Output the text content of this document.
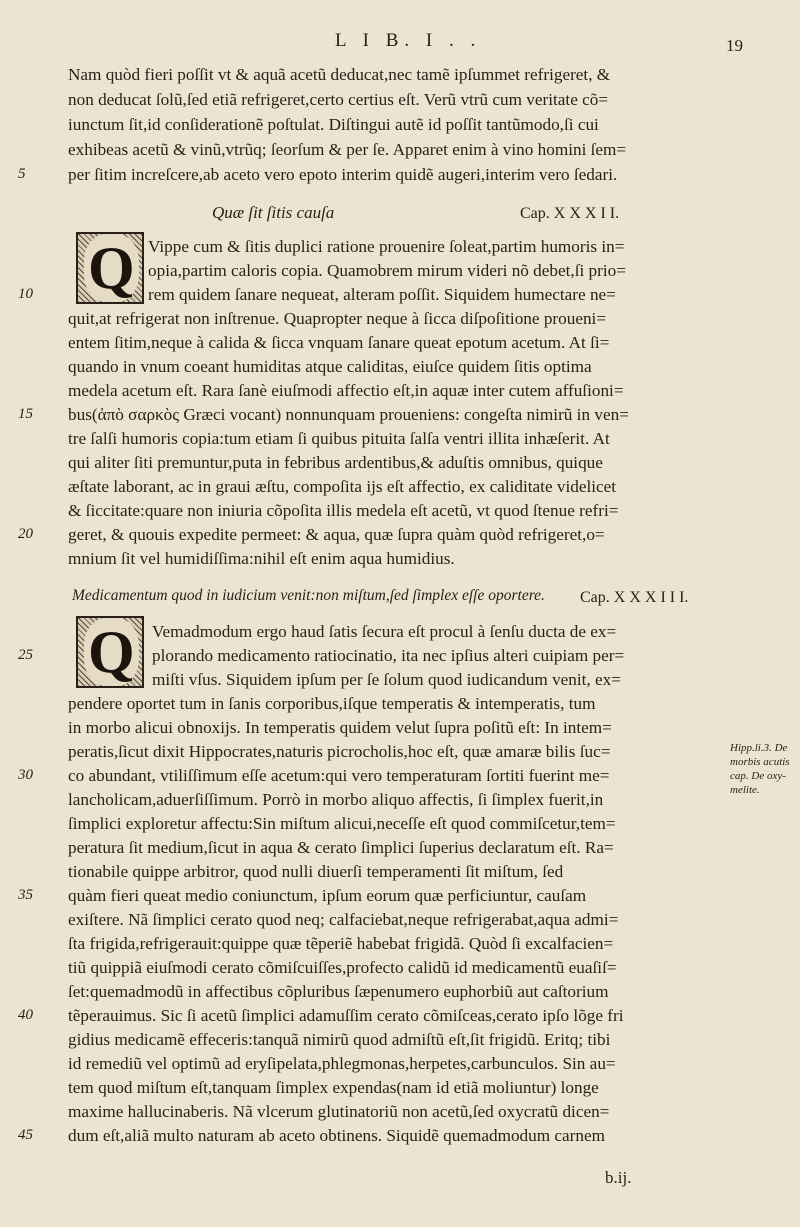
L I B. I . .	19
Nam quòd fieri poſſit vt & aquã acetũ deducat,nec tamẽ ipſummet refrigeret, &
non deducat ſolũ,ſed etiã refrigeret,certo certius eſt. Verũ vtrũ cum veritate cõ=
iunctum ſit,id conſiderationẽ poſtulat. Diſtingui autẽ id poſſit tantũmodo,ſi cui
exhibeas acetũ & vinũ,vtrũq; ſeorſum & per ſe. Apparet enim à vino homini ſem=
per ſitim increſcere,ab aceto vero epoto interim quidẽ augeri,interim vero ſedari.
5
Quæ ſit ſitis cauſa	Cap. X X X I I.
Q Vippe cum & ſitis duplici ratione prouenire ſoleat,partim humoris in=
opia,partim caloris copia. Quamobrem mirum videri nõ debet,ſi prio=
rem quidem ſanare nequeat, alteram poſſit. Siquidem humectare ne=
10
quit,at refrigerat non inſtrenue. Quapropter neque à ſicca diſpoſitione proueni=
entem ſitim,neque à calida & ſicca vnquam ſanare queat epotum acetum. At ſi=
quando in vnum coeant humiditas atque caliditas, eiuſce quidem ſitis optima
medela acetum eſt. Rara ſanè eiuſmodi affectio eſt,in aquæ inter cutem affuſioni=
bus(ἀπὸ σαρκὸς Græci vocant) nonnunquam proueniens: congeſta nimirũ in ven=
15
tre ſalſi humoris copia:tum etiam ſi quibus pituita ſalſa ventri illita inhæſerit. At
qui aliter ſiti premuntur,puta in febribus ardentibus,& aduſtis omnibus, quique
æſtate laborant, ac in graui æſtu, compoſita ijs eſt affectio, ex caliditate videlicet
& ſiccitate:quare non iniuria cõpoſita illis medela eſt acetũ, vt quod ſtenue refri=
geret, & quouis expedite permeet: & aqua, quæ ſupra quàm quòd refrigeret,o=
20
mnium ſit vel humidiſſima:nihil eſt enim aqua humidius.
Medicamentum quod in iudicium venit:non miſtum,ſed ſimplex eſſe oportere. Cap. X X X I I I.
Q Vemadmodum ergo haud ſatis ſecura eſt procul à ſenſu ducta de ex=
plorando medicamento ratiocinatio, ita nec ipſius alteri cuipiam per=
25
miſti vſus. Siquidem ipſum per ſe ſolum quod iudicandum venit, ex=
pendere oportet tum in ſanis corporibus,iſque temperatis & intemperatis, tum
in morbo alicui obnoxijs. In temperatis quidem velut ſupra poſitũ eſt: In intem=
peratis,ſicut dixit Hippocrates,naturis picrocholis,hoc eſt, quæ amaræ bilis ſuc=
co abundant, vtiliſſimum eſſe acetum:qui vero temperaturam ſortiti fuerint me=
30
lancholicam,aduerſiſſimum. Porrò in morbo aliquo affectis, ſi ſimplex fuerit,in
ſimplici exploretur affectu:Sin miſtum alicui,neceſſe eſt quod commiſcetur,tem=
peratura ſit medium,ſicut in aqua & cerato ſimplici ſuperius declaratum eſt. Ra=
tionabile quippe arbitror, quod nulli diuerſi temperamenti ſit miſtum, ſed
quàm fieri queat medio coniunctum, ipſum eorum quæ perficiuntur, cauſam
35
exiſtere. Nã ſimplici cerato quod neq; calfaciebat,neque refrigerabat,aqua admi=
ſta frigida,refrigerauit:quippe quæ tẽperiẽ habebat frigidã. Quòd ſi excalfacien=
tiũ quippiã eiuſmodi cerato cõmiſcuiſſes,profecto calidũ id medicamentũ euaſiſ=
ſet:quemadmodũ in affectibus cõpluribus ſæpenumero euphorbiũ aut caſtorium
tẽperauimus. Sic ſi acetũ ſimplici adamuſſim cerato cõmiſceas,cerato ipſo lõge fri
40
gidius medicamẽ effeceris:tanquã nimirũ quod admiſtũ eſt,ſit frigidũ. Eritq; tibi
id remediũ vel optimũ ad eryſipelata,phlegmonas,herpetes,carbunculos. Sin au=
tem quod miſtum eſt,tanquam ſimplex expendas(nam id etiã moliuntur) longe
maxime hallucinaberis. Nã vlcerum glutinatoriũ non acetũ,ſed oxycratũ dicen=
dum eſt,aliã multo naturam ab aceto obtinens. Siquidẽ quemadmodum carnem
45
Hipp.li.3. De
morbis acutis
cap. De oxy-
melite.
b.ij.
